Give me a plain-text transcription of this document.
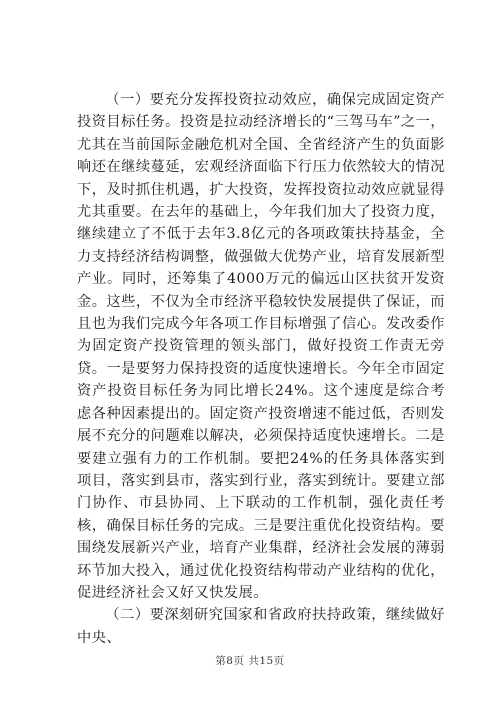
（一）要充分发挥投资拉动效应，确保完成固定资产投资目标任务。投资是拉动经济增长的“三驾马车”之一，尤其在当前国际金融危机对全国、全省经济产生的负面影响还在继续蔓延，宏观经济面临下行压力依然较大的情况下，及时抓住机遇，扩大投资，发挥投资拉动效应就显得尤其重要。在去年的基础上，今年我们加大了投资力度，继续建立了不低于去年3.8亿元的各项政策扶持基金，全力支持经济结构调整，做强做大优势产业，培育发展新型产业。同时，还筹集了4000万元的偏远山区扶贫开发资金。这些，不仅为全市经济平稳较快发展提供了保证，而且也为我们完成今年各项工作目标增强了信心。发改委作为固定资产投资管理的领头部门，做好投资工作责无旁贷。一是要努力保持投资的适度快速增长。今年全市固定资产投资目标任务为同比增长24%。这个速度是综合考虑各种因素提出的。固定资产投资增速不能过低，否则发展不充分的问题难以解决，必须保持适度快速增长。二是要建立强有力的工作机制。要把24%的任务具体落实到项目，落实到县市，落实到行业，落实到统计。要建立部门协作、市县协同、上下联动的工作机制，强化责任考核，确保目标任务的完成。三是要注重优化投资结构。要围绕发展新兴产业，培育产业集群，经济社会发展的薄弱环节加大投入，通过优化投资结构带动产业结构的优化，促进经济社会又好又快发展。

（二）要深刻研究国家和省政府扶持政策，继续做好中央、

第8页 共15页
